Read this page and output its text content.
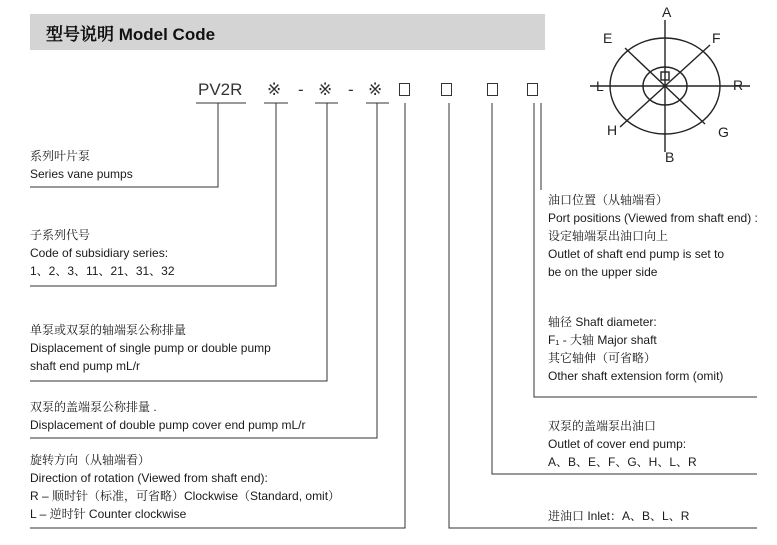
型号说明 Model Code
PV2R ※ - ※ - ※
系列叶片泵
Series vane pumps
子系列代号
Code of subsidiary series:
1、2、3、11、21、31、32
单泵或双泵的轴端泵公称排量
Displacement of single pump or double pump
shaft end pump mL/r
双泵的盖端泵公称排量 .
Displacement of double pump cover end pump mL/r
旋转方向（从轴端看）
Direction of rotation (Viewed from shaft end):
R – 顺时针（标准，可省略）Clockwise（Standard, omit）
L – 逆时针 Counter clockwise
油口位置（从轴端看）
Port positions (Viewed from shaft end) :
设定轴端泵出油口向上
Outlet of shaft end pump is set to
be on the upper side
轴径 Shaft diameter:
F₁ - 大轴 Major shaft
其它轴伸（可省略）
Other shaft extension form (omit)
双泵的盖端泵出油口
Outlet of cover end pump:
A、B、E、F、G、H、L、R
进油口 Inlet：A、B、L、R
A
E	F
L	R
H	G
B
